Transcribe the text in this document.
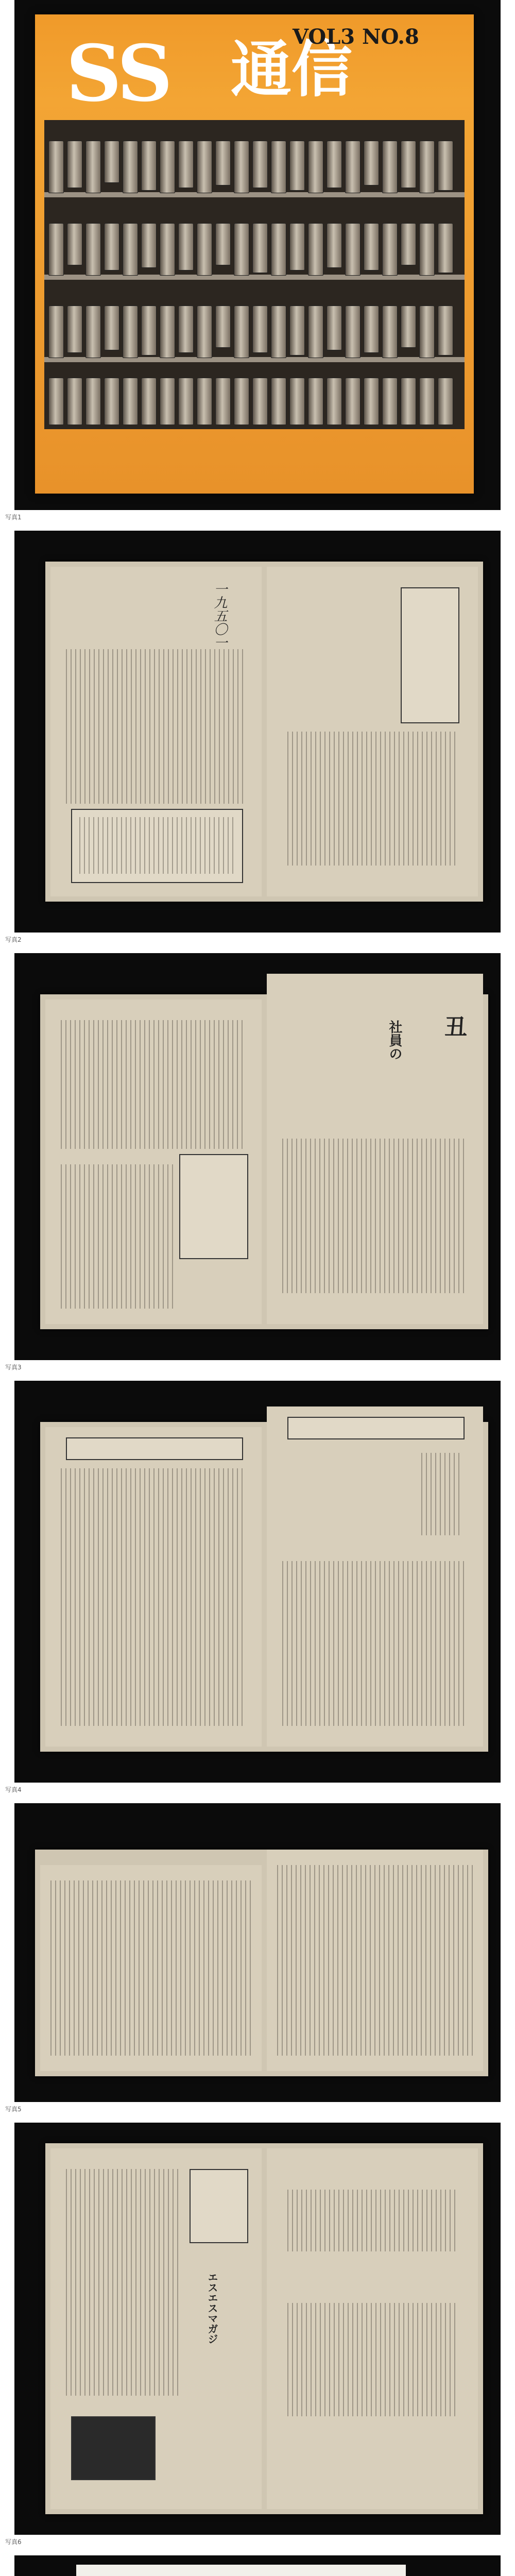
SS 通信
VOL3 NO.8
写真1
一九五〇一
写真2
丑
社員の
写真3
写真4
写真5
エスエスマガジ
写真6
